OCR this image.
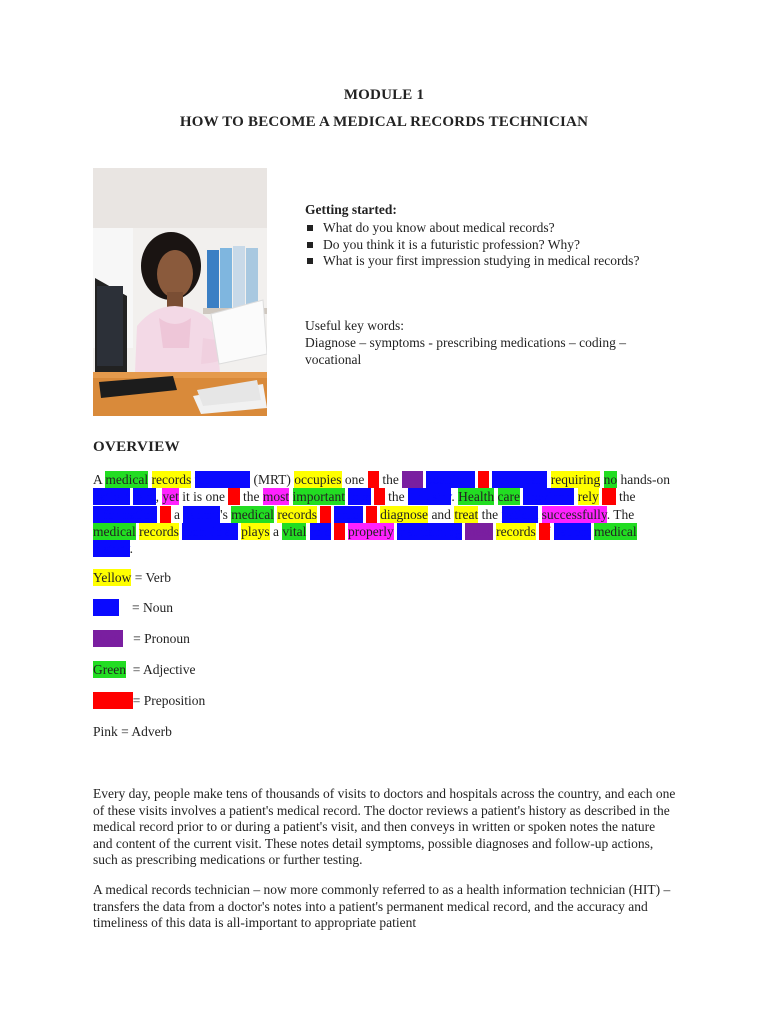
MODULE 1
HOW TO BECOME A MEDICAL RECORDS TECHNICIAN
Getting started:
What do you know about medical records?
Do you think it is a futuristic profession? Why?
What is your first impression studying in medical records?
Useful key words:
Diagnose – symptoms - prescribing medications – coding – vocational
OVERVIEW
A medical records technician (MRT) occupies one of the few positions in healthcare requiring no hands-on patient care, yet it is one of the most important jobs in the industry. Health care providers rely on the information in a patient's medical records in order to diagnose and treat the patient successfully. The medical records technician plays a vital role in properly maintaining these records of patient medical history.
Yellow = Verb
Blue    = Noun
Ungu   = Pronoun
Green  = Adjective
Orange= Preposition
Pink = Adverb
Every day, people make tens of thousands of visits to doctors and hospitals across the country, and each one of these visits involves a patient's medical record. The doctor reviews a patient's history as described in the medical record prior to or during a patient's visit, and then conveys in written or spoken notes the nature and content of the current visit. These notes detail symptoms, possible diagnoses and follow-up actions, such as prescribing medications or further testing.
A medical records technician – now more commonly referred to as a health information technician (HIT) – transfers the data from a doctor's notes into a patient's permanent medical record, and the accuracy and timeliness of this data is all-important to appropriate patient
